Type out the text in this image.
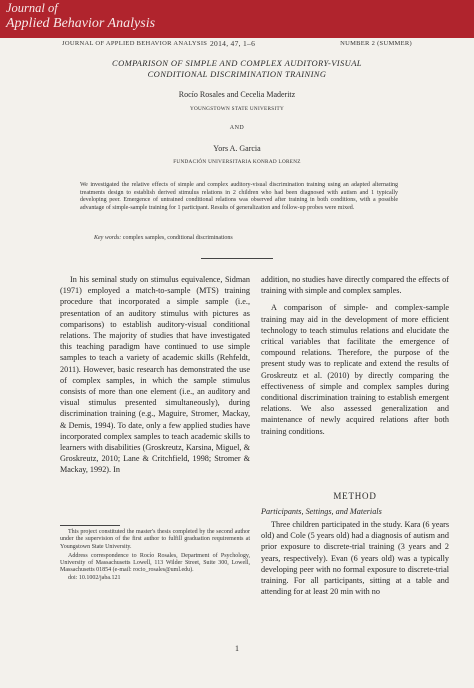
Journal of
Applied Behavior Analysis
JOURNAL OF APPLIED BEHAVIOR ANALYSIS 2014, 47, 1–6	NUMBER 2 (SUMMER)
COMPARISON OF SIMPLE AND COMPLEX AUDITORY-VISUAL
CONDITIONAL DISCRIMINATION TRAINING
Rocío Rosales and Cecelia Maderitz
YOUNGSTOWN STATE UNIVERSITY
AND
Yors A. Garcia
FUNDACIÓN UNIVERSITARIA KONRAD LORENZ
We investigated the relative effects of simple and complex auditory-visual discrimination training using an adapted alternating treatments design to establish derived stimulus relations in 2 children who had been diagnosed with autism and 1 typically developing peer. Emergence of untrained conditional relations was observed after training in both conditions, with a possible advantage of simple-sample training for 1 participant. Results of generalization and follow-up probes were mixed.
Key words: complex samples, conditional discriminations

In his seminal study on stimulus equivalence, Sidman (1971) employed a match-to-sample (MTS) training procedure that incorporated a simple sample (i.e., presentation of an auditory stimulus with pictures as comparisons) to establish auditory-visual conditional relations. The majority of studies that have investigated this teaching paradigm have continued to use simple samples to teach a variety of academic skills (Rehfeldt, 2011). However, basic research has demonstrated the use of complex samples, in which the sample stimulus consists of more than one element (i.e., an auditory and visual stimulus presented simultaneously), during discrimination training (e.g., Maguire, Stromer, Mackay, & Demis, 1994). To date, only a few applied studies have incorporated complex samples to teach academic skills to learners with disabilities (Groskreutz, Karsina, Miguel, & Groskreutz, 2010; Lane & Critchfield, 1998; Stromer & Mackay, 1992). In

addition, no studies have directly compared the effects of training with simple and complex samples.

A comparison of simple- and complex-sample training may aid in the development of more efficient technology to teach stimulus relations and elucidate the critical variables that facilitate the emergence of compound relations. Therefore, the purpose of the present study was to replicate and extend the results of Groskreutz et al. (2010) by directly comparing the effectiveness of simple and complex samples during conditional discrimination training to establish emergent relations. We also assessed generalization and maintenance of newly acquired relations after both training conditions.

METHOD
Participants, Settings, and Materials

Three children participated in the study. Kara (6 years old) and Cole (5 years old) had a diagnosis of autism and prior exposure to discrete-trial training (3 years and 2 years, respectively). Evan (6 years old) was a typically developing peer with no formal exposure to discrete-trial training. For all participants, sitting at a table and attending for at least 20 min with no

This project constituted the master's thesis completed by the second author under the supervision of the first author to fulfill graduation requirements at Youngstown State University.

Address correspondence to Rocío Rosales, Department of Psychology, University of Massachusetts Lowell, 113 Wilder Street, Suite 300, Lowell, Massachusetts 01854 (e-mail: rocio_rosales@uml.edu).

doi: 10.1002/jaba.121

1
